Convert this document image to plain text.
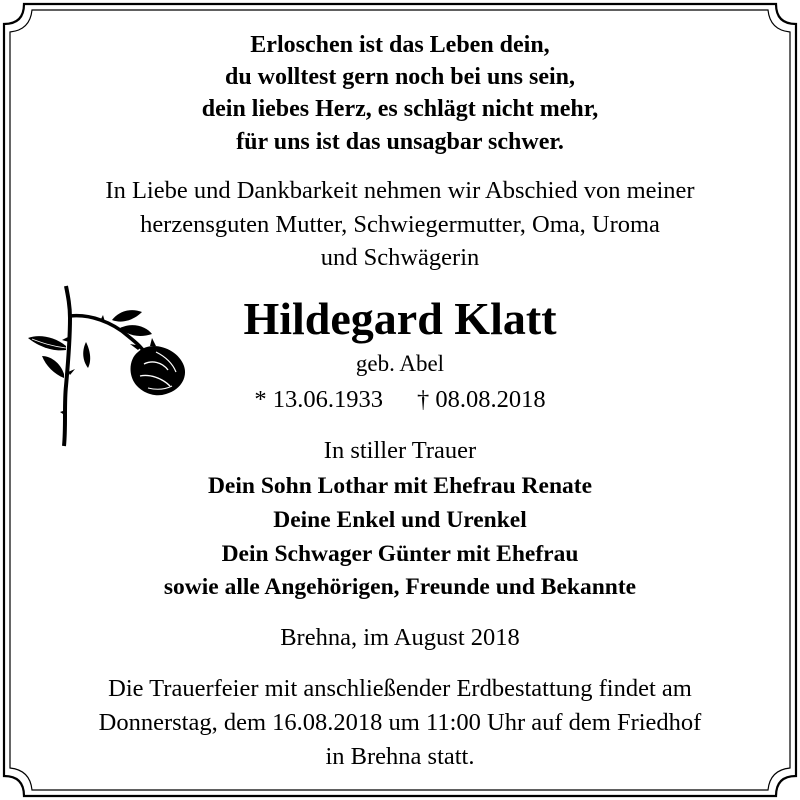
Erloschen ist das Leben dein,
du wolltest gern noch bei uns sein,
dein liebes Herz, es schlägt nicht mehr,
für uns ist das unsagbar schwer.
In Liebe und Dankbarkeit nehmen wir Abschied von meiner
herzensguten Mutter, Schwiegermutter, Oma, Uroma
und Schwägerin
Hildegard Klatt
geb. Abel
* 13.06.1933 † 08.08.2018
In stiller Trauer
Dein Sohn Lothar mit Ehefrau Renate
Deine Enkel und Urenkel
Dein Schwager Günter mit Ehefrau
sowie alle Angehörigen, Freunde und Bekannte
Brehna, im August 2018
Die Trauerfeier mit anschließender Erdbestattung findet am
Donnerstag, dem 16.08.2018 um 11:00 Uhr auf dem Friedhof
in Brehna statt.
